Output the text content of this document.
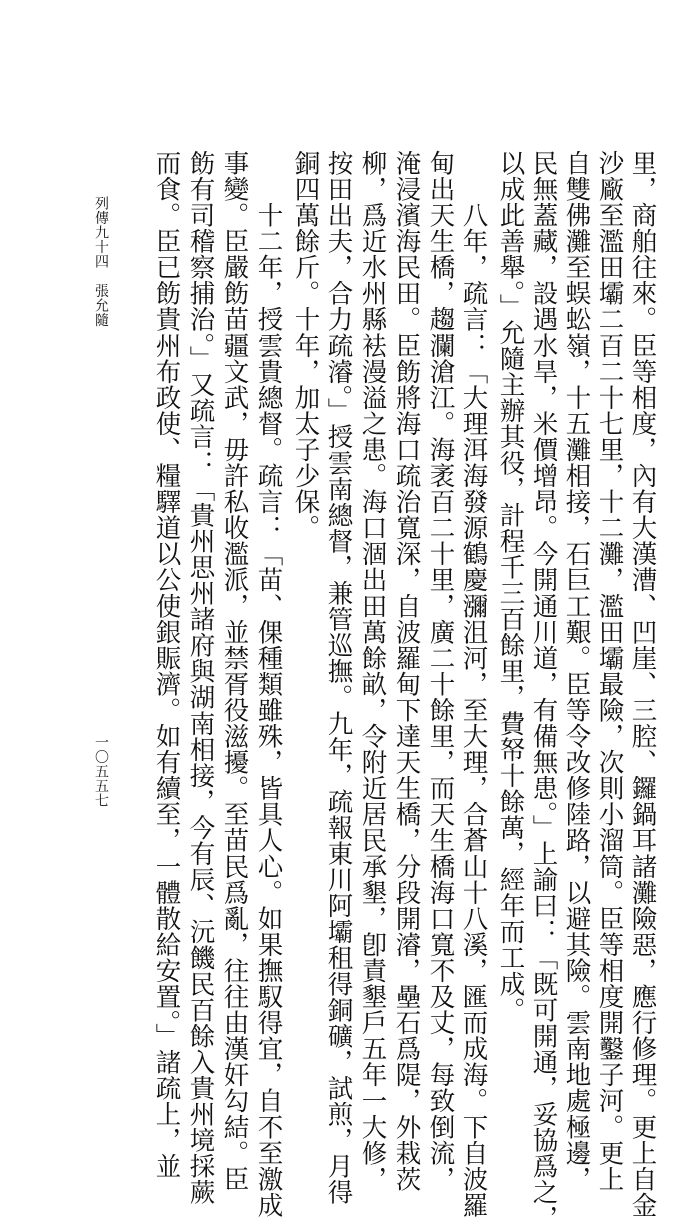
里，商舶往來。臣等相度，內有大漢漕、凹崖、三腔、鑼鍋耳諸灘險惡，應行修理。更上自金
沙廠至濫田壩二百二十七里，十二灘，濫田壩最險，次則小溜筒。臣等相度開鑿子河。更上
自雙佛灘至蜈蚣嶺，十五灘相接，石巨工艱。臣等令改修陸路，以避其險。雲南地處極邊，
民無蓋藏，設遇水旱，米價增昂。今開通川道，有備無患。」上諭曰：「既可開通，妥協爲之，
以成此善舉。」允隨主辦其役，計程千三百餘里，費帑十餘萬，經年而工成。
　　八年，疏言：「大理洱海發源鶴慶瀰沮河，至大理，合蒼山十八溪，匯而成海。下自波羅
甸出天生橋，趨瀾滄江。海袤百二十里，廣二十餘里，而天生橋海口寬不及丈，每致倒流，
淹浸濱海民田。臣飭將海口疏治寬深，自波羅甸下達天生橋，分段開濬，壘石爲隄，外栽茨
柳，爲近水州縣袪漫溢之患。海口涸出田萬餘畝，令附近居民承墾，卽責墾戶五年一大修，
按田出夫，合力疏濬。」授雲南總督，兼管巡撫。九年，疏報東川阿壩租得銅礦，試煎，月得
銅四萬餘斤。十年，加太子少保。
　　十二年，授雲貴總督。疏言：「苗、倮種類雖殊，皆具人心。如果撫馭得宜，自不至激成
事變。臣嚴飭苗疆文武，毋許私收濫派，並禁胥役滋擾。至苗民爲亂，往往由漢奸勾結。臣
飭有司稽察捕治。」又疏言：「貴州思州諸府與湖南相接，今有辰、沅饑民百餘入貴州境採蕨
而食。臣已飭貴州布政使、糧驛道以公使銀賑濟。如有續至，一體散給安置。」諸疏上，並
列傳九十四　張允隨
一〇五五七
